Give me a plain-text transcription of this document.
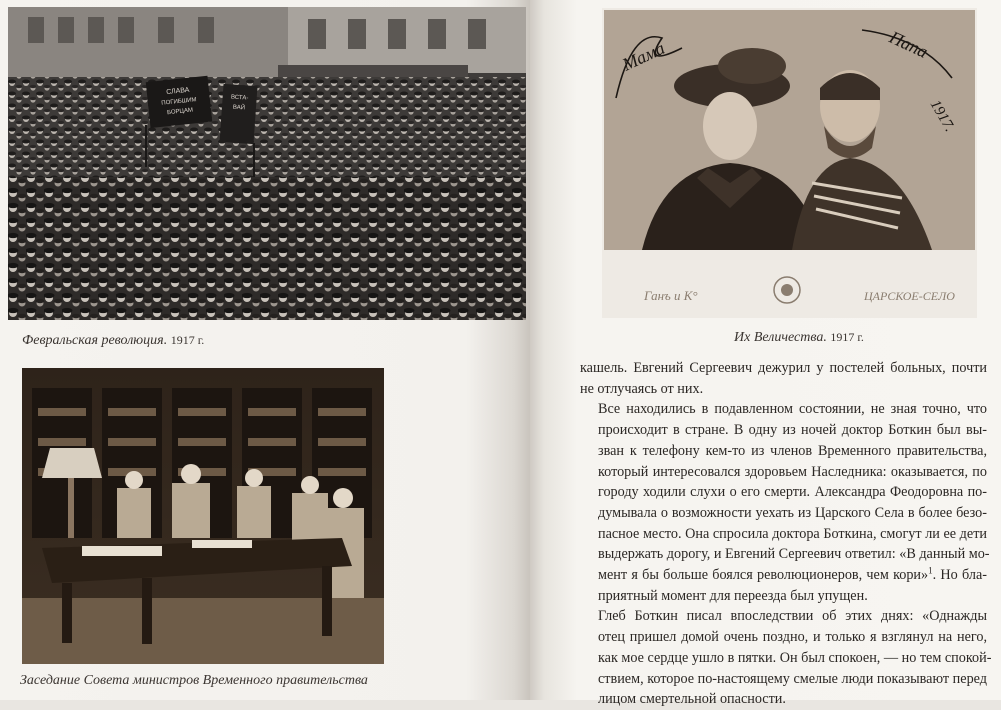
СЛАВА
ПОГИБШИМ
БОРЦАМ
ВСТА-
ВАЙ
Февральская революция. 1917 г.
Заседание Совета министров Временного правительства
Мама	Папа
1917.
Ганъ и К°	ЦАРСКОЕ-СЕЛО
Их Величества. 1917 г.

кашель. Евгений Сергеевич дежурил у постелей больных, почти
не отлучаясь от них.

Все находились в подавленном состоянии, не зная точно, что
происходит в стране. В одну из ночей доктор Боткин был вы-
зван к телефону кем-то из членов Временного правительства,
который интересовался здоровьем Наследника: оказывается, по
городу ходили слухи о его смерти. Александра Феодоровна по-
думывала о возможности уехать из Царского Села в более безо-
пасное место. Она спросила доктора Боткина, смогут ли ее дети
выдержать дорогу, и Евгений Сергеевич ответил: «В данный мо-
мент я бы больше боялся революционеров, чем кори»$^1$. Но бла-
приятный момент для переезда был упущен.

Глеб Боткин писал впоследствии об этих днях: «Однажды
отец пришел домой очень поздно, и только я взглянул на него,
как мое сердце ушло в пятки. Он был спокоен, — но тем спокой-
ствием, которое по-настоящему смелые люди показывают перед
лицом смертельной опасности.
